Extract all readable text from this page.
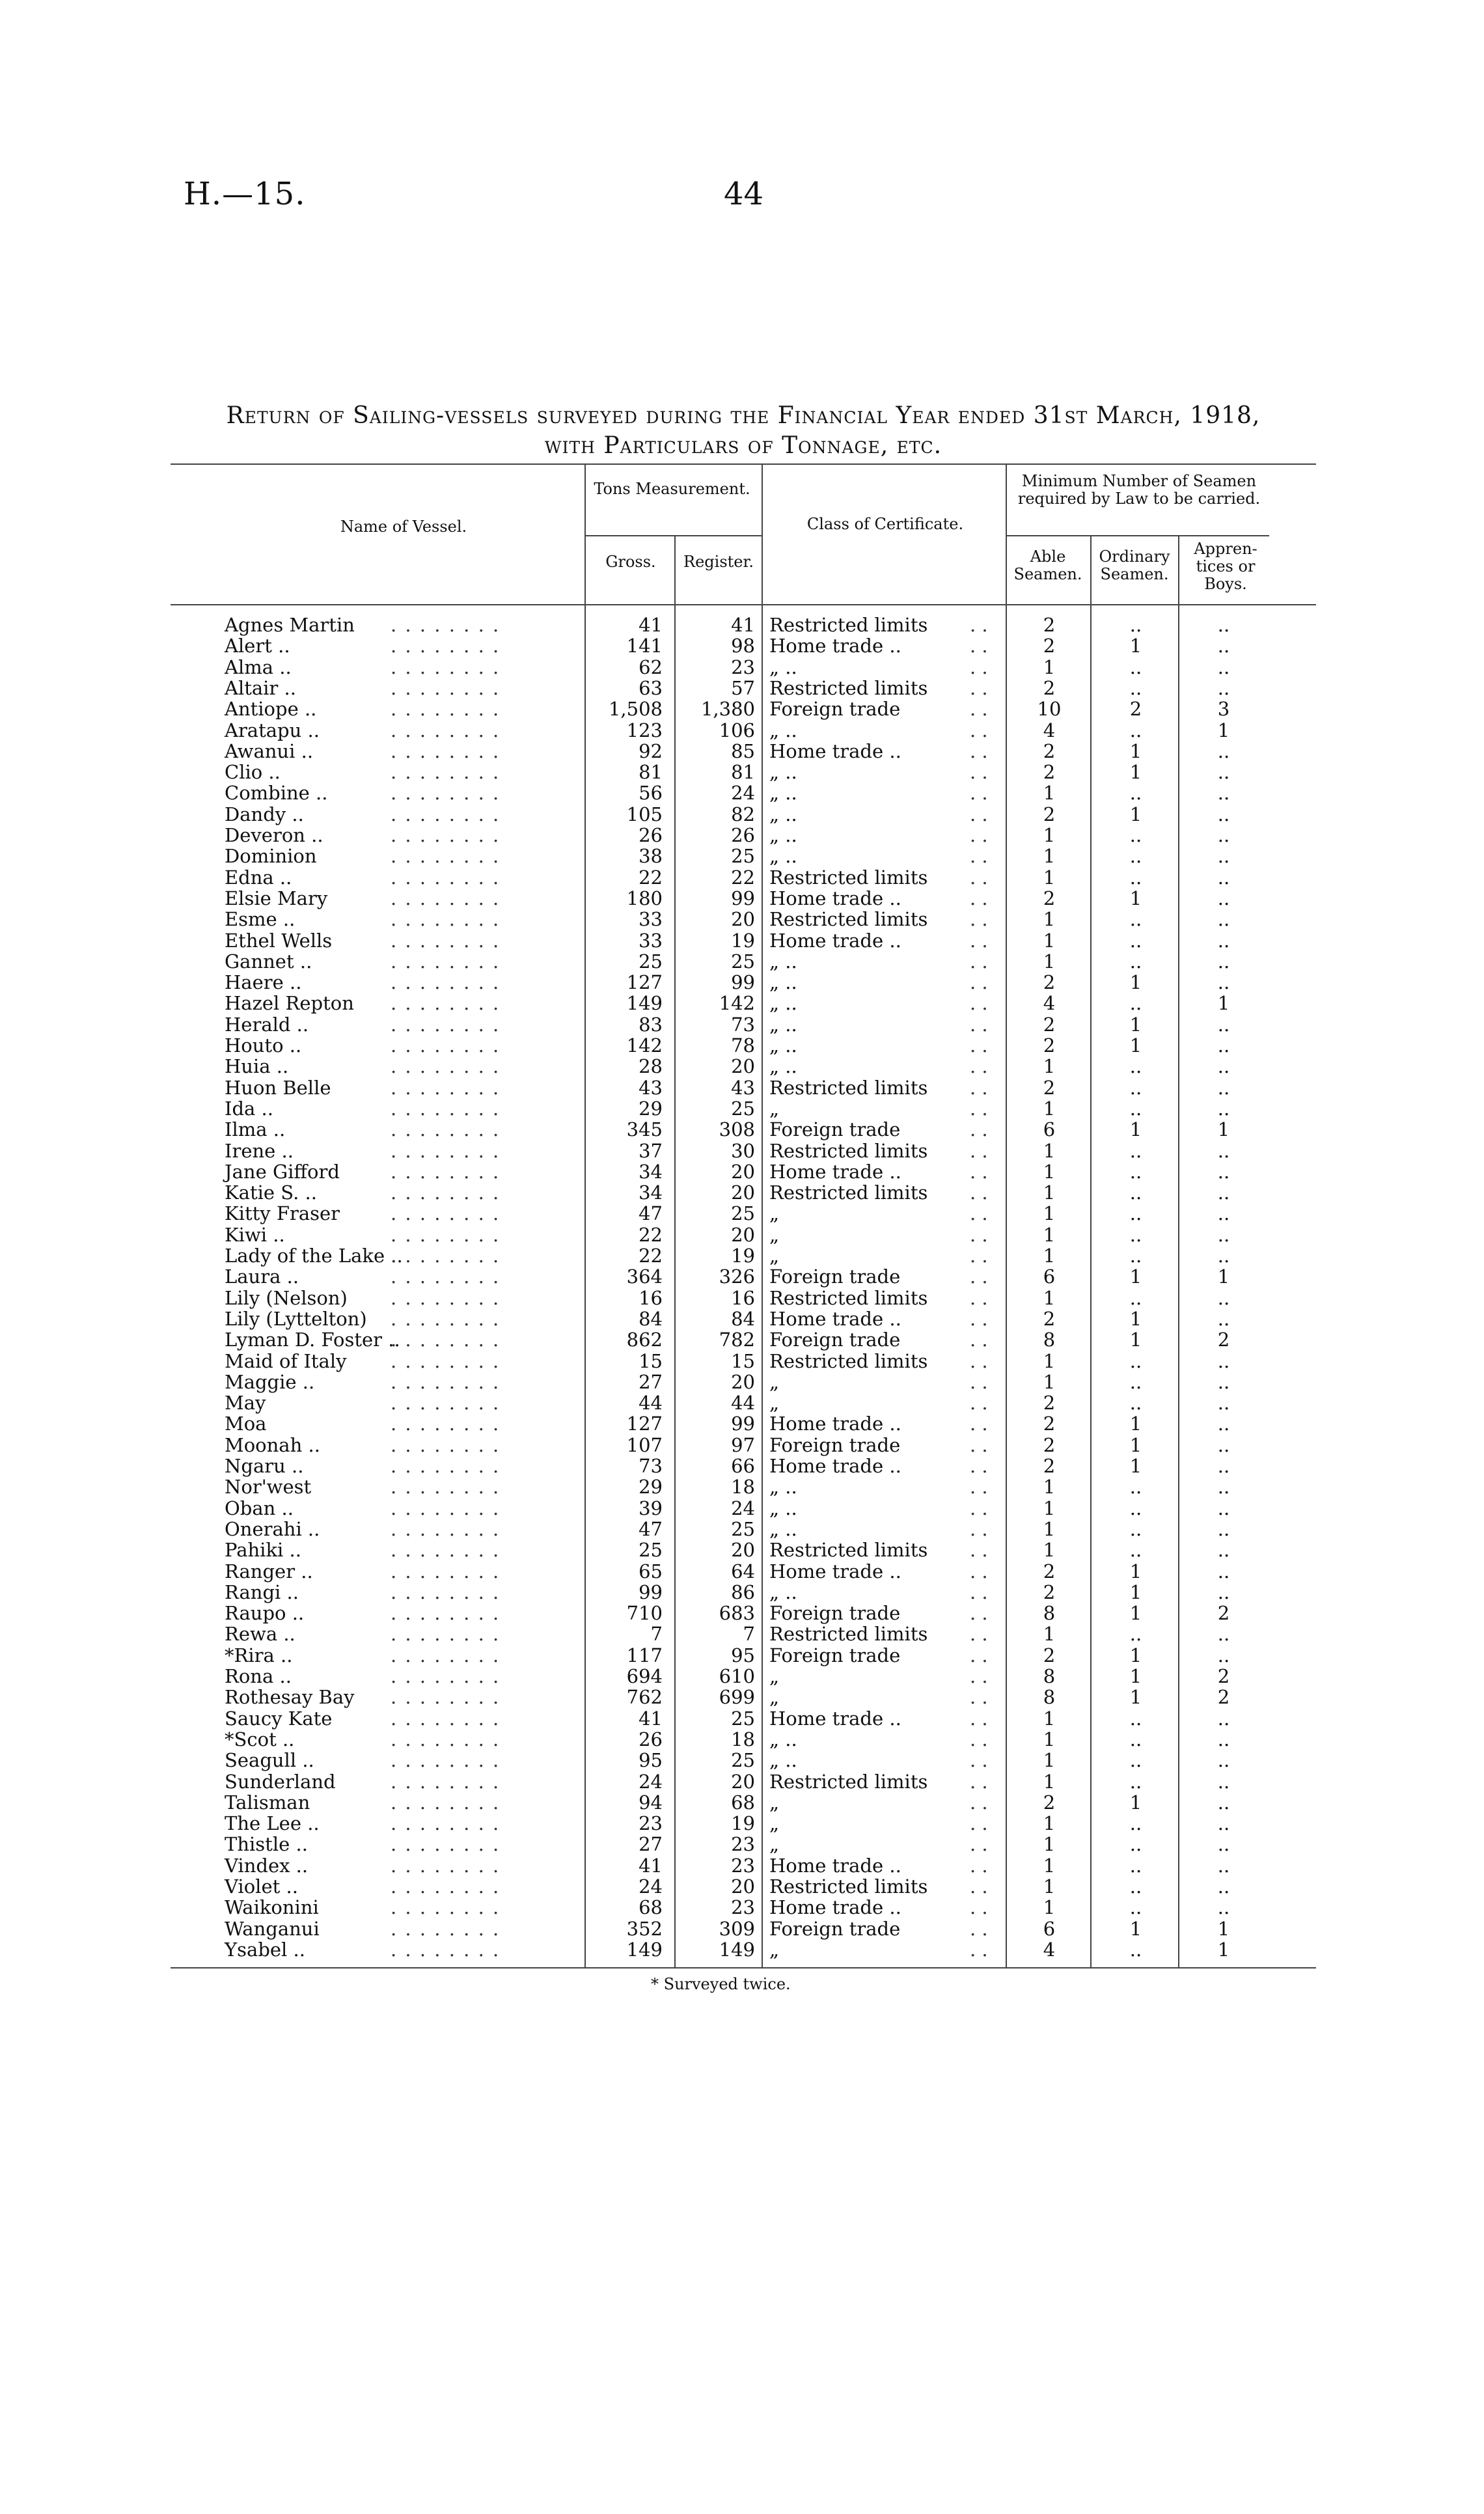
H.—15.	44
Return of Sailing-vessels surveyed during the Financial Year ended 31st March, 1918,
with Particulars of Tonnage, etc.
Name of Vessel.
Tons Measurement.
Gross.	Register.
Class of Certificate.
Minimum Number of Seamen required by Law to be carried.
Able Seamen.
Ordinary Seamen.
Appren-tices or Boys.
Agnes Martin	41	41 Restricted limits	2	..	..
. . . . . . . .	. .
Alert ..	141	98 Home trade ..	2	1	..
. . . . . . . .	. .
Alma ..	62	23 „ ..	1	..	..
. . . . . . . .	. .
Altair ..	63	57 Restricted limits	2	..	..
. . . . . . . .	. .
Antiope ..	1,508	1,380 Foreign trade	10	2	3
. . . . . . . .	. .
Aratapu ..	123	106 „ ..	4	..	1
. . . . . . . .	. .
Awanui ..	92	85 Home trade ..	2	1	..
. . . . . . . .	. .
Clio ..	81	81 „ ..	2	1	..
. . . . . . . .	. .
Combine ..	56	24 „ ..	1	..	..
. . . . . . . .	. .
Dandy ..	105	82 „ ..	2	1	..
. . . . . . . .	. .
Deveron ..	26	26 „ ..	1	..	..
. . . . . . . .	. .
Dominion	38	25 „ ..	1	..	..
. . . . . . . .	. .
Edna ..	22	22 Restricted limits	1	..	..
. . . . . . . .	. .
Elsie Mary	180	99 Home trade ..	2	1	..
. . . . . . . .	. .
Esme ..	33	20 Restricted limits	1	..	..
. . . . . . . .	. .
Ethel Wells	33	19 Home trade ..	1	..	..
. . . . . . . .	. .
Gannet ..	25	25 „ ..	1	..	..
. . . . . . . .	. .
Haere ..	127	99 „ ..	2	1	..
. . . . . . . .	. .
Hazel Repton	149	142 „ ..	4	..	1
. . . . . . . .	. .
Herald ..	83	73 „ ..	2	1	..
. . . . . . . .	. .
Houto ..	142	78 „ ..	2	1	..
. . . . . . . .	. .
Huia ..	28	20 „ ..	1	..	..
. . . . . . . .	. .
Huon Belle	43	43 Restricted limits	2	..	..
. . . . . . . .	. .
Ida ..	29	25 „	1	..	..
. . . . . . . .	. .
Ilma ..	345	308 Foreign trade	6	1	1
. . . . . . . .	. .
Irene ..	37	30 Restricted limits	1	..	..
. . . . . . . .	. .
Jane Gifford	34	20 Home trade ..	1	..	..
. . . . . . . .	. .
Katie S. ..	34	20 Restricted limits	1	..	..
. . . . . . . .	. .
Kitty Fraser	47	25 „	1	..	..
. . . . . . . .	. .
Kiwi ..	22	20 „	1	..	..
. . . . . . . .	. .
Lady of the Lake ..	22	19 „	1	..	..
. . . . . . . .	. .
Laura ..	364	326 Foreign trade	6	1	1
. . . . . . . .	. .
Lily (Nelson)	16	16 Restricted limits	1	..	..
. . . . . . . .	. .
Lily (Lyttelton)	84	84 Home trade ..	2	1	..
. . . . . . . .	. .
Lyman D. Foster ..	862	782 Foreign trade	8	1	2
. . . . . . . .	. .
Maid of Italy	15	15 Restricted limits	1	..	..
. . . . . . . .	. .
Maggie ..	27	20 „	1	..	..
. . . . . . . .	. .
May	44	44 „	2	..	..
. . . . . . . .	. .
Moa	127	99 Home trade ..	2	1	..
. . . . . . . .	. .
Moonah ..	107	97 Foreign trade	2	1	..
. . . . . . . .	. .
Ngaru ..	73	66 Home trade ..	2	1	..
. . . . . . . .	. .
Nor'west	29	18 „ ..	1	..	..
. . . . . . . .	. .
Oban ..	39	24 „ ..	1	..	..
. . . . . . . .	. .
Onerahi ..	47	25 „ ..	1	..	..
. . . . . . . .	. .
Pahiki ..	25	20 Restricted limits	1	..	..
. . . . . . . .	. .
Ranger ..	65	64 Home trade ..	2	1	..
. . . . . . . .	. .
Rangi ..	99	86 „ ..	2	1	..
. . . . . . . .	. .
Raupo ..	710	683 Foreign trade	8	1	2
. . . . . . . .	. .
Rewa ..	7	7 Restricted limits	1	..	..
. . . . . . . .	. .
*Rira ..	117	95 Foreign trade	2	1	..
. . . . . . . .	. .
Rona ..	694	610 „	8	1	2
. . . . . . . .	. .
Rothesay Bay	762	699 „	8	1	2
. . . . . . . .	. .
Saucy Kate	41	25 Home trade ..	1	..	..
. . . . . . . .	. .
*Scot ..	26	18 „ ..	1	..	..
. . . . . . . .	. .
Seagull ..	95	25 „ ..	1	..	..
. . . . . . . .	. .
Sunderland	24	20 Restricted limits	1	..	..
. . . . . . . .	. .
Talisman	94	68 „	2	1	..
. . . . . . . .	. .
The Lee ..	23	19 „	1	..	..
. . . . . . . .	. .
Thistle ..	27	23 „	1	..	..
. . . . . . . .	. .
Vindex ..	41	23 Home trade ..	1	..	..
. . . . . . . .	. .
Violet ..	24	20 Restricted limits	1	..	..
. . . . . . . .	. .
Waikonini	68	23 Home trade ..	1	..	..
. . . . . . . .	. .
Wanganui	352	309 Foreign trade	6	1	1
. . . . . . . .	. .
Ysabel ..	149	149 „	4	..	1
. . . . . . . .	. .
* Surveyed twice.
